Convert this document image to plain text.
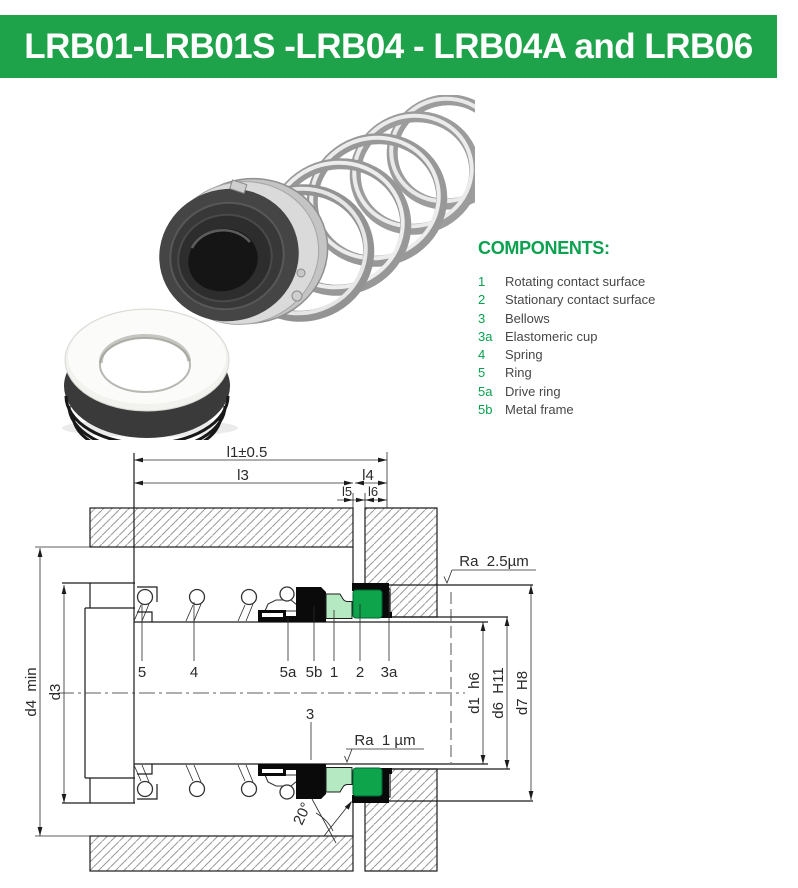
LRB01-LRB01S -LRB04 - LRB04A and LRB06
COMPONENTS:
1	Rotating contact surface
2	Stationary contact surface
3	Bellows
3a Elastomeric cup
4	Spring
5	Ring
5a Drive ring
5b Metal frame
l1±0.5
l3	l4
l5 l6
Ra  2.5µm
Ra  1 µm
d4  min d3	d1  h6 d6  H11 d7  H8
20°
5	4	5a 5b 1 2 3a
3
